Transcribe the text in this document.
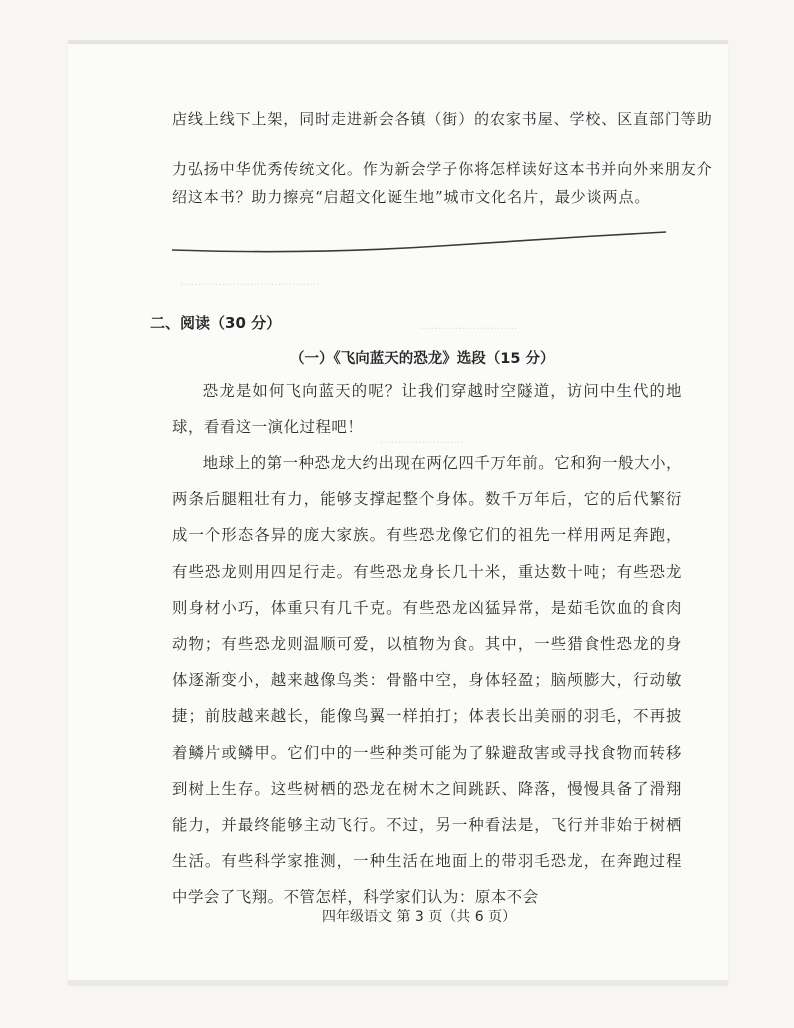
········································
····························
························
店线上线下上架，同时走进新会各镇（街）的农家书屋、学校、区直部门等助
力弘扬中华优秀传统文化。作为新会学子你将怎样读好这本书并向外来朋友介
绍这本书？助力擦亮“启超文化诞生地”城市文化名片，最少谈两点。
二、阅读（30 分）
（一）《飞向蓝天的恐龙》选段（15 分）
恐龙是如何飞向蓝天的呢？让我们穿越时空隧道，访问中生代的地球，看看这一演化过程吧！
地球上的第一种恐龙大约出现在两亿四千万年前。它和狗一般大小，两条后腿粗壮有力，能够支撑起整个身体。数千万年后，它的后代繁衍成一个形态各异的庞大家族。有些恐龙像它们的祖先一样用两足奔跑，有些恐龙则用四足行走。有些恐龙身长几十米，重达数十吨；有些恐龙则身材小巧，体重只有几千克。有些恐龙凶猛异常，是茹毛饮血的食肉动物；有些恐龙则温顺可爱，以植物为食。其中，一些猎食性恐龙的身体逐渐变小，越来越像鸟类：骨骼中空，身体轻盈；脑颅膨大，行动敏捷；前肢越来越长，能像鸟翼一样拍打；体表长出美丽的羽毛，不再披着鳞片或鳞甲。它们中的一些种类可能为了躲避敌害或寻找食物而转移到树上生存。这些树栖的恐龙在树木之间跳跃、降落，慢慢具备了滑翔能力，并最终能够主动飞行。不过，另一种看法是，飞行并非始于树栖生活。有些科学家推测，一种生活在地面上的带羽毛恐龙，在奔跑过程中学会了飞翔。不管怎样，科学家们认为：原本不会
四年级语文 第 3 页（共 6 页）
